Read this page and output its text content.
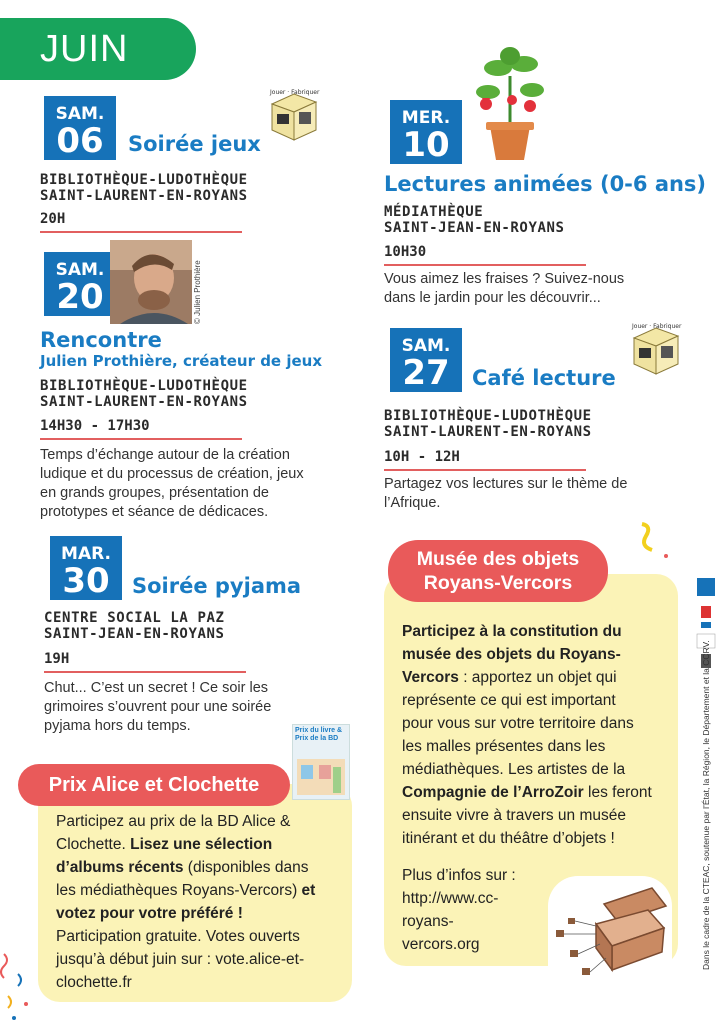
JUIN
SAM.
06	Soirée jeux
Jouer · Fabriquer
BIBLIOTHÈQUE-LUDOTHÈQUE
SAINT-LAURENT-EN-ROYANS
20H
SAM.
20	© Julien Prothière
Rencontre
Julien Prothière, créateur de jeux
BIBLIOTHÈQUE-LUDOTHÈQUE
SAINT-LAURENT-EN-ROYANS
14H30 - 17H30
Temps d’échange autour de la création
ludique et du processus de création, jeux
en grands groupes, présentation de
prototypes et séance de dédicaces.
MAR.
30	Soirée pyjama
CENTRE SOCIAL LA PAZ
SAINT-JEAN-EN-ROYANS
19H
Chut... C’est un secret ! Ce soir les
grimoires s’ouvrent pour une soirée
pyjama hors du temps.	Prix du livre & Prix de la BD
Prix Alice et Clochette
Participez au prix de la BD Alice &
Clochette. Lisez une sélection
d’albums récents (disponibles dans
les médiathèques Royans-Vercors) et
votez pour votre préféré !
Participation gratuite. Votes ouverts
jusqu’à début juin sur : vote.alice-et-
clochette.fr
MER.
10
Lectures animées (0-6 ans)
MÉDIATHÈQUE
SAINT-JEAN-EN-ROYANS
10H30
Vous aimez les fraises ? Suivez-nous
dans le jardin pour les découvrir...
SAM.
27	Café lecture
Jouer · Fabriquer
BIBLIOTHÈQUE-LUDOTHÈQUE
SAINT-LAURENT-EN-ROYANS
10H - 12H
Partagez vos lectures sur le thème de
l’Afrique.
Musée des objets
Royans-Vercors
Participez à la constitution du
musée des objets du Royans-
Vercors : apportez un objet qui
représente ce qui est important
pour vous sur votre territoire dans
les malles présentes dans les
médiathèques. Les artistes de la
Compagnie de l’ArroZoir les feront
ensuite vivre à travers un musée
itinérant et du théâtre d’objets !
Plus d’infos sur :
http://www.cc-
royans-
vercors.org	Dans le cadre de la CTEAC, soutenue par l’État, la Région, le Département et la CCRV.
